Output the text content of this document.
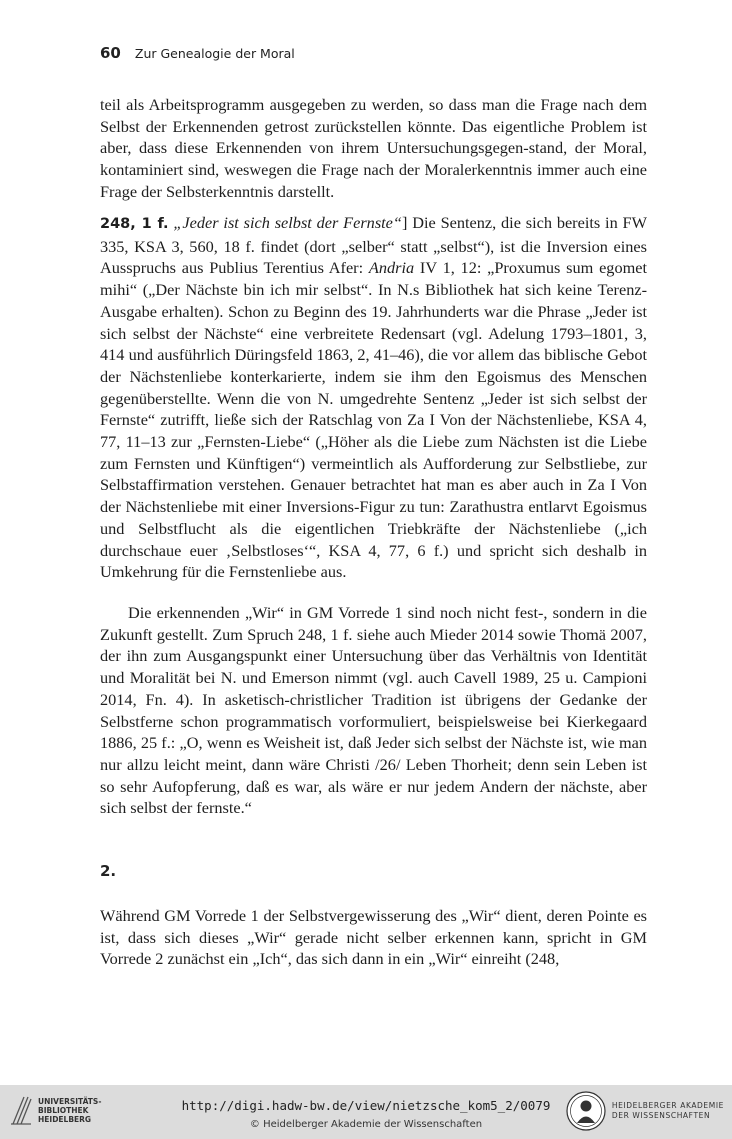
60 Zur Genealogie der Moral

teil als Arbeitsprogramm ausgegeben zu werden, so dass man die Frage nach dem Selbst der Erkennenden getrost zurückstellen könnte. Das eigentliche Problem ist aber, dass diese Erkennenden von ihrem Untersuchungsgegen-stand, der Moral, kontaminiert sind, weswegen die Frage nach der Moralerkenntnis immer auch eine Frage der Selbsterkenntnis darstellt.

248, 1 f. „Jeder ist sich selbst der Fernste“] Die Sentenz, die sich bereits in FW 335, KSA 3, 560, 18 f. findet (dort „selber“ statt „selbst“), ist die Inversion eines Ausspruchs aus Publius Terentius Afer: Andria IV 1, 12: „Proxumus sum egomet mihi“ („Der Nächste bin ich mir selbst“. In N.s Bibliothek hat sich keine Terenz-Ausgabe erhalten). Schon zu Beginn des 19. Jahrhunderts war die Phrase „Jeder ist sich selbst der Nächste“ eine verbreitete Redensart (vgl. Adelung 1793–1801, 3, 414 und ausführlich Düringsfeld 1863, 2, 41–46), die vor allem das biblische Gebot der Nächstenliebe konterkarierte, indem sie ihm den Egoismus des Menschen gegenüberstellte. Wenn die von N. umgedrehte Sentenz „Jeder ist sich selbst der Fernste“ zutrifft, ließe sich der Ratschlag von Za I Von der Nächstenliebe, KSA 4, 77, 11–13 zur „Fernsten-Liebe“ („Höher als die Liebe zum Nächsten ist die Liebe zum Fernsten und Künftigen“) vermeintlich als Aufforderung zur Selbstliebe, zur Selbstaffirmation verstehen. Genauer betrachtet hat man es aber auch in Za I Von der Nächstenliebe mit einer Inversions-Figur zu tun: Zarathustra entlarvt Egoismus und Selbstflucht als die eigentlichen Triebkräfte der Nächstenliebe („ich durchschaue euer ‚Selbstloses‘“, KSA 4, 77, 6 f.) und spricht sich deshalb in Umkehrung für die Fernstenliebe aus.

Die erkennenden „Wir“ in GM Vorrede 1 sind noch nicht fest-, sondern in die Zukunft gestellt. Zum Spruch 248, 1 f. siehe auch Mieder 2014 sowie Thomä 2007, der ihn zum Ausgangspunkt einer Untersuchung über das Verhältnis von Identität und Moralität bei N. und Emerson nimmt (vgl. auch Cavell 1989, 25 u. Campioni 2014, Fn. 4). In asketisch-christlicher Tradition ist übrigens der Gedanke der Selbstferne schon programmatisch vorformuliert, beispielsweise bei Kierkegaard 1886, 25 f.: „O, wenn es Weisheit ist, daß Jeder sich selbst der Nächste ist, wie man nur allzu leicht meint, dann wäre Christi /26/ Leben Thorheit; denn sein Leben ist so sehr Aufopferung, daß es war, als wäre er nur jedem Andern der nächste, aber sich selbst der fernste.“

2.

Während GM Vorrede 1 der Selbstvergewisserung des „Wir“ dient, deren Pointe es ist, dass sich dieses „Wir“ gerade nicht selber erkennen kann, spricht in GM Vorrede 2 zunächst ein „Ich“, das sich dann in ein „Wir“ einreiht (248,

UNIVERSITÄTS-
BIBLIOTHEK
HEIDELBERG
http://digi.hadw-bw.de/view/nietzsche_kom5_2/0079
© Heidelberger Akademie der Wissenschaften
HEIDELBERGER AKADEMIE
DER WISSENSCHAFTEN
